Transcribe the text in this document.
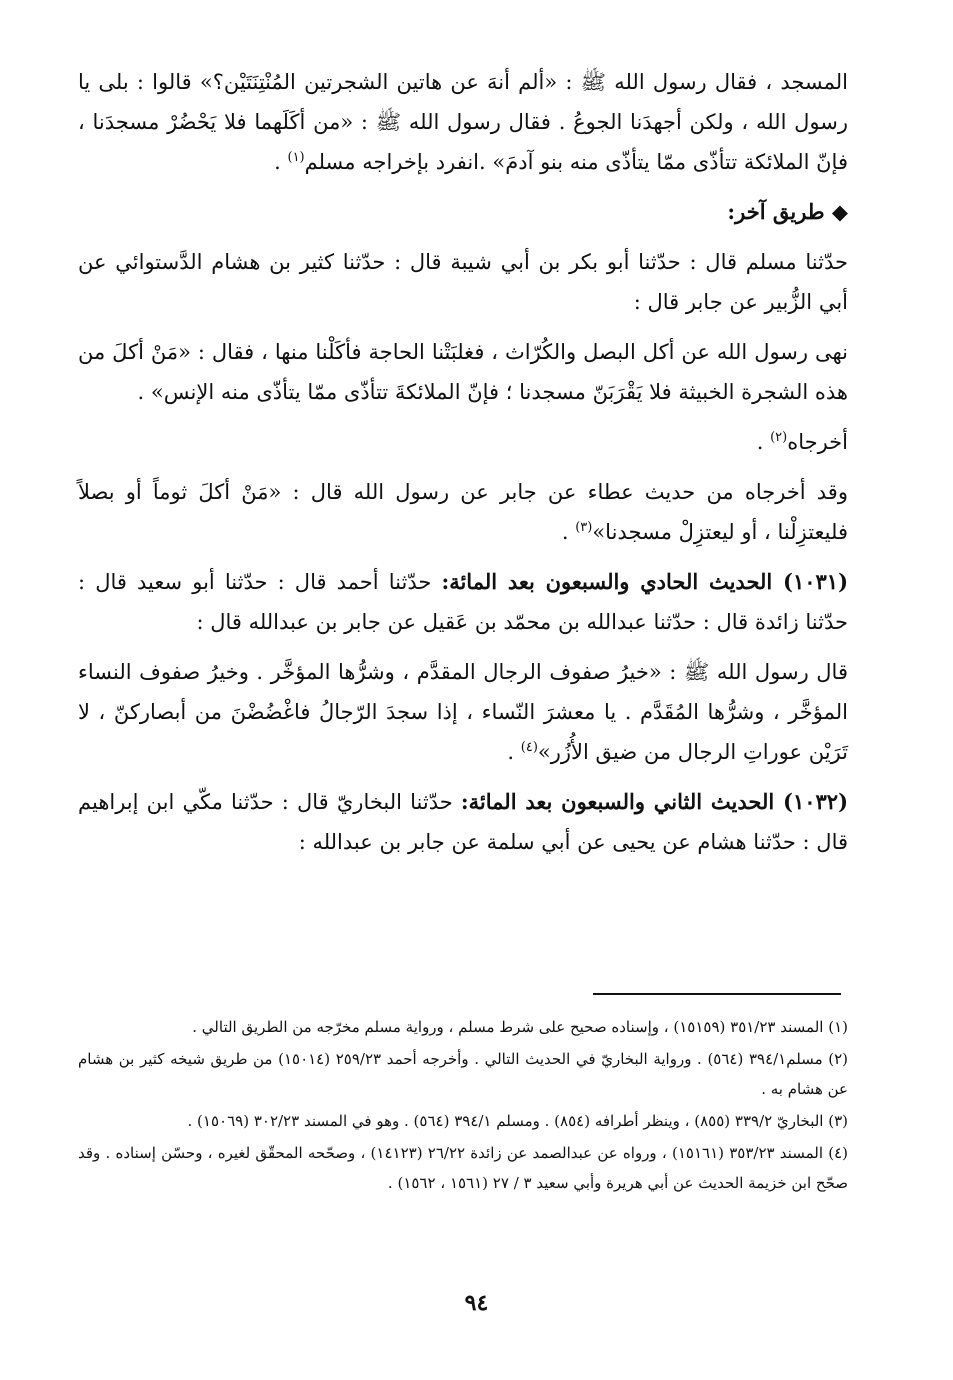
المسجد ، فقال رسول الله ﷺ : «ألم أنهَ عن هاتين الشجرتين المُنْتِنَتَيْن؟» قالوا : بلى يا رسول الله ، ولكن أجهدَنا الجوعُ . فقال رسول الله ﷺ : «من أكَلَهما فلا يَحْضُرْ مسجدَنا ، فإنّ الملائكة تتأذّى ممّا يتأذّى منه بنو آدمَ» .انفرد بإخراجه مسلم$^{(١)}$ .

◆ طريق آخر:

حدّثنا مسلم قال : حدّثنا أبو بكر بن أبي شيبة قال : حدّثنا كثير بن هشام الدَّستوائي عن أبي الزُّبير عن جابر قال :

نهى رسول الله عن أكل البصل والكُرّاث ، فغلبَتْنا الحاجة فأكَلْنا منها ، فقال : «مَنْ أكلَ من هذه الشجرة الخبيثة فلا يَقْرَبَنّ مسجدنا ؛ فإنّ الملائكةَ تتأذّى ممّا يتأذّى منه الإنس» .

أخرجاه$^{(٢)}$ .

وقد أخرجاه من حديث عطاء عن جابر عن رسول الله قال : «مَنْ أكلَ ثوماً أو بصلاً فليعتزِلْنا ، أو ليعتزِلْ مسجدنا»$^{(٣)}$ .

(١٠٣١) الحديث الحادي والسبعون بعد المائة: حدّثنا أحمد قال : حدّثنا أبو سعيد قال : حدّثنا زائدة قال : حدّثنا عبدالله بن محمّد بن عَقيل عن جابر بن عبدالله قال :

قال رسول الله ﷺ : «خيرُ صفوف الرجال المقدَّم ، وشرُّها المؤخَّر . وخيرُ صفوف النساء المؤخَّر ، وشرُّها المُقَدَّم . يا معشرَ النّساء ، إذا سجدَ الرّجالُ فاغْضُضْنَ من أبصاركنّ ، لا تَرَيْن عوراتِ الرجال من ضيق الأُزُر»$^{(٤)}$ .

(١٠٣٢) الحديث الثاني والسبعون بعد المائة: حدّثنا البخاريّ قال : حدّثنا مكّي ابن إبراهيم قال : حدّثنا هشام عن يحيى عن أبي سلمة عن جابر بن عبدالله :

(١) المسند ٣٥١/٢٣ (١٥١٥٩) ، وإسناده صحيح على شرط مسلم ، ورواية مسلم مخرّجه من الطريق التالي .

(٢) مسلم٣٩٤/١ (٥٦٤) . ورواية البخاريّ في الحديث التالي . وأخرجه أحمد ٢٥٩/٢٣ (١٥٠١٤) من طريق شيخه كثير بن هشام عن هشام به .

(٣) البخاريّ ٣٣٩/٢ (٨٥٥) ، وينظر أطرافه (٨٥٤) . ومسلم ٣٩٤/١ (٥٦٤) . وهو في المسند ٣٠٢/٢٣ (١٥٠٦٩) .

(٤) المسند ٣٥٣/٢٣ (١٥١٦١) ، ورواه عن عبدالصمد عن زائدة ٢٦/٢٢ (١٤١٢٣) ، وصحّحه المحقّق لغيره ، وحسّن إسناده . وقد صحّح ابن خزيمة الحديث عن أبي هريرة وأبي سعيد ٣ / ٢٧ (١٥٦١ ، ١٥٦٢) .

٩٤
